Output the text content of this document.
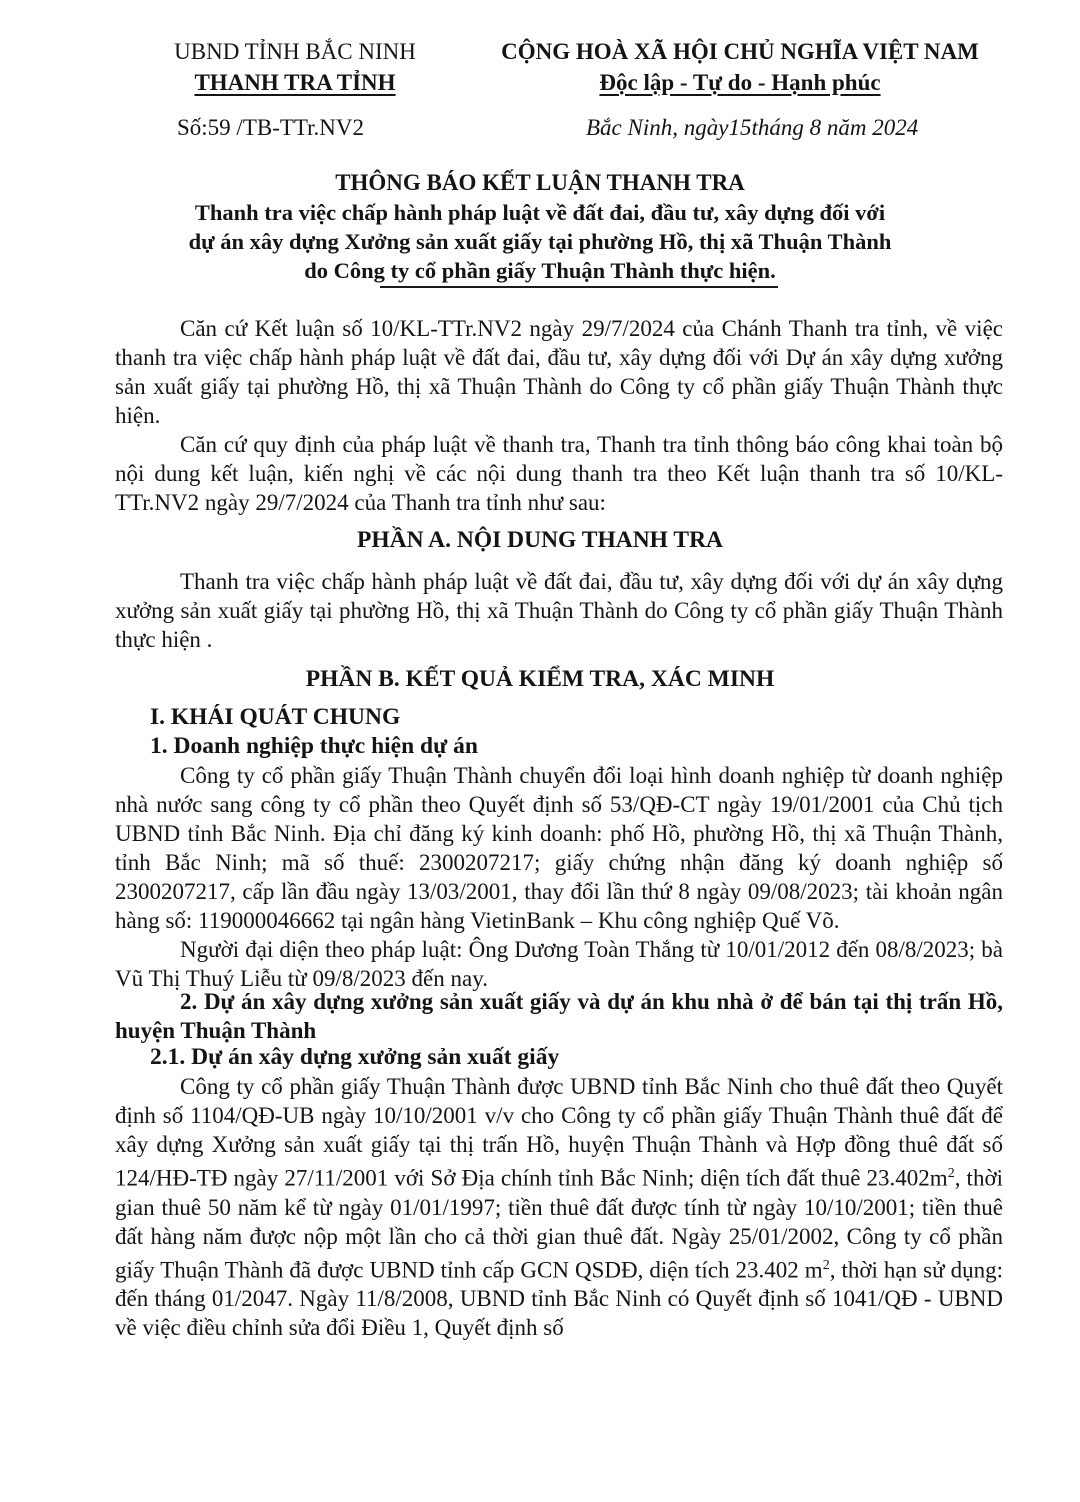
UBND TỈNH BẮC NINH
THANH TRA TỈNH
CỘNG HOÀ XÃ HỘI CHỦ NGHĨA VIỆT NAM
Độc lập - Tự do - Hạnh phúc
Số:59 /TB-TTr.NV2	Bắc Ninh, ngày15tháng 8 năm 2024
THÔNG BÁO KẾT LUẬN THANH TRA
Thanh tra việc chấp hành pháp luật về đất đai, đầu tư, xây dựng đối với
dự án xây dựng Xưởng sản xuất giấy tại phường Hồ, thị xã Thuận Thành
do Công ty cổ phần giấy Thuận Thành thực hiện.

Căn cứ Kết luận số 10/KL-TTr.NV2 ngày 29/7/2024 của Chánh Thanh tra tỉnh, về việc thanh tra việc chấp hành pháp luật về đất đai, đầu tư, xây dựng đối với Dự án xây dựng xưởng sản xuất giấy tại phường Hồ, thị xã Thuận Thành do Công ty cổ phần giấy Thuận Thành thực hiện.

Căn cứ quy định của pháp luật về thanh tra, Thanh tra tỉnh thông báo công khai toàn bộ nội dung kết luận, kiến nghị về các nội dung thanh tra theo Kết luận thanh tra số 10/KL-TTr.NV2 ngày 29/7/2024 của Thanh tra tỉnh như sau:

PHẦN A. NỘI DUNG THANH TRA

Thanh tra việc chấp hành pháp luật về đất đai, đầu tư, xây dựng đối với dự án xây dựng xưởng sản xuất giấy tại phường Hồ, thị xã Thuận Thành do Công ty cổ phần giấy Thuận Thành thực hiện .

PHẦN B. KẾT QUẢ KIỂM TRA, XÁC MINH
I. KHÁI QUÁT CHUNG
1. Doanh nghiệp thực hiện dự án

Công ty cổ phần giấy Thuận Thành chuyển đổi loại hình doanh nghiệp từ doanh nghiệp nhà nước sang công ty cổ phần theo Quyết định số 53/QĐ-CT ngày 19/01/2001 của Chủ tịch UBND tỉnh Bắc Ninh. Địa chỉ đăng ký kinh doanh: phố Hồ, phường Hồ, thị xã Thuận Thành, tỉnh Bắc Ninh; mã số thuế: 2300207217; giấy chứng nhận đăng ký doanh nghiệp số 2300207217, cấp lần đầu ngày 13/03/2001, thay đổi lần thứ 8 ngày 09/08/2023; tài khoản ngân hàng số: 119000046662 tại ngân hàng VietinBank – Khu công nghiệp Quế Võ.

Người đại diện theo pháp luật: Ông Dương Toàn Thắng từ 10/01/2012 đến 08/8/2023; bà Vũ Thị Thuý Liễu từ 09/8/2023 đến nay.

2. Dự án xây dựng xưởng sản xuất giấy và dự án khu nhà ở để bán tại thị trấn Hồ, huyện Thuận Thành

2.1. Dự án xây dựng xưởng sản xuất giấy

Công ty cổ phần giấy Thuận Thành được UBND tỉnh Bắc Ninh cho thuê đất theo Quyết định số 1104/QĐ-UB ngày 10/10/2001 v/v cho Công ty cổ phần giấy Thuận Thành thuê đất để xây dựng Xưởng sản xuất giấy tại thị trấn Hồ, huyện Thuận Thành và Hợp đồng thuê đất số 124/HĐ-TĐ ngày 27/11/2001 với Sở Địa chính tỉnh Bắc Ninh; diện tích đất thuê $23.402m^2$, thời gian thuê 50 năm kể từ ngày 01/01/1997; tiền thuê đất được tính từ ngày 10/10/2001; tiền thuê đất hàng năm được nộp một lần cho cả thời gian thuê đất. Ngày 25/01/2002, Công ty cổ phần giấy Thuận Thành đã được UBND tỉnh cấp GCN QSDĐ, diện tích 23.402 $m^2$, thời hạn sử dụng: đến tháng 01/2047. Ngày 11/8/2008, UBND tỉnh Bắc Ninh có Quyết định số 1041/QĐ - UBND về việc điều chỉnh sửa đổi Điều 1, Quyết định số
